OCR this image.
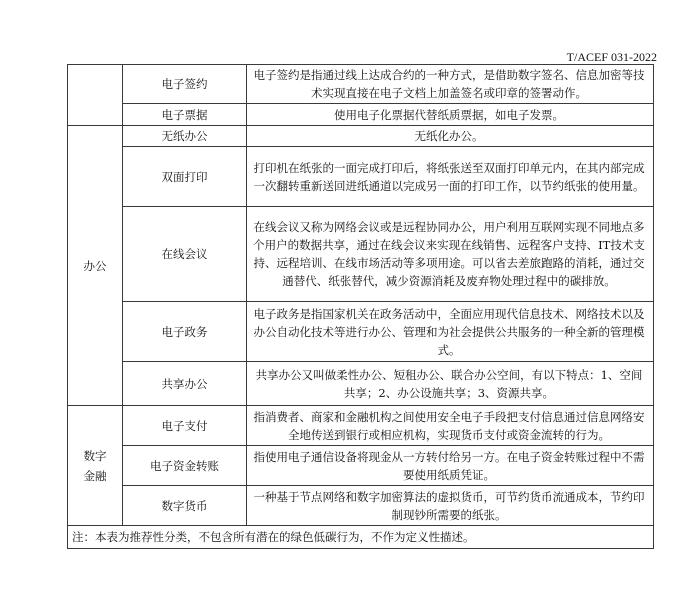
T/ACEF 031-2022
	电子签约	电子签约是指通过线上达成合约的一种方式，是借助数字签名、信息加密等技术实现直接在电子文档上加盖签名或印章的签署动作。
	电子票据	使用电子化票据代替纸质票据，如电子发票。
办公	无纸办公	无纸化办公。
	双面打印	打印机在纸张的一面完成打印后，将纸张送至双面打印单元内，在其内部完成一次翻转重新送回进纸通道以完成另一面的打印工作，以节约纸张的使用量。
	在线会议	在线会议又称为网络会议或是远程协同办公，用户利用互联网实现不同地点多个用户的数据共享，通过在线会议来实现在线销售、远程客户支持、IT技术支持、远程培训、在线市场活动等多项用途。可以省去差旅跑路的消耗，通过交通替代、纸张替代，减少资源消耗及废弃物处理过程中的碳排放。
	电子政务	电子政务是指国家机关在政务活动中，全面应用现代信息技术、网络技术以及办公自动化技术等进行办公、管理和为社会提供公共服务的一种全新的管理模式。
	共享办公	共享办公又叫做柔性办公、短租办公、联合办公空间，有以下特点：1、空间共享；2、办公设施共享；3、资源共享。
数字金融	电子支付	指消费者、商家和金融机构之间使用安全电子手段把支付信息通过信息网络安全地传送到银行或相应机构，实现货币支付或资金流转的行为。
	电子资金转账	指使用电子通信设备将现金从一方转付给另一方。在电子资金转账过程中不需要使用纸质凭证。
	数字货币	一种基于节点网络和数字加密算法的虚拟货币，可节约货币流通成本，节约印制现钞所需要的纸张。
注：本表为推荐性分类，不包含所有潜在的绿色低碳行为，不作为定义性描述。		
